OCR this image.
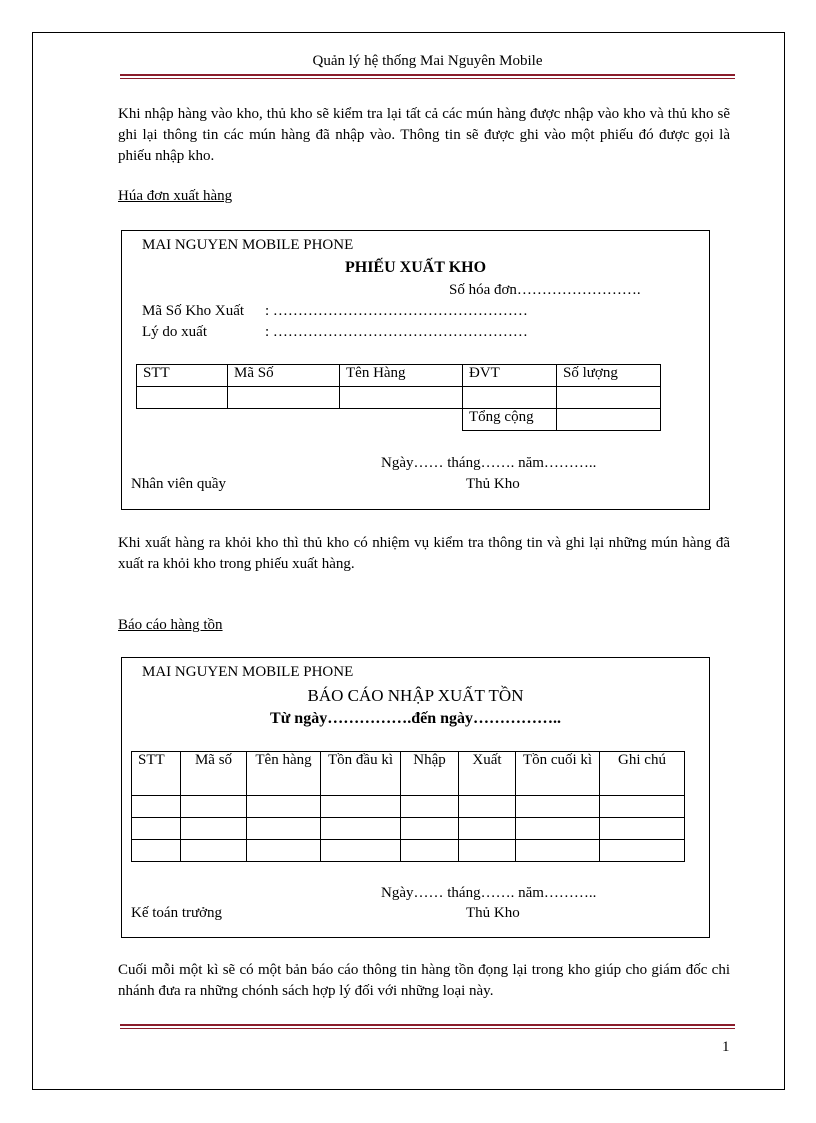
Quản lý hệ thống Mai Nguyên Mobile
Khi nhập hàng vào kho, thủ kho sẽ kiểm tra lại tất cả các mún hàng được nhập vào kho và thủ kho sẽ ghi lại thông tin các mún hàng đã nhập vào. Thông tin sẽ được ghi vào một phiếu đó được gọi là phiếu nhập kho.
Húa đơn xuất hàng
MAI NGUYEN MOBILE PHONE
PHIẾU XUẤT KHO
Số hóa đơn…………………….
Mã Số Kho Xuất : ……………………………………………
Lý do xuất	: ……………………………………………
STT	Mã Số	Tên Hàng	ĐVT	Số lượng

			Tổng cộng	
Ngày…… tháng……. năm………..
Nhân viên quầy	Thủ Kho
Khi xuất hàng ra khỏi kho thì thủ kho có nhiệm vụ kiểm tra thông tin và ghi lại những mún hàng đã xuất ra khỏi kho trong phiếu xuất hàng.
Báo cáo hàng tồn
MAI NGUYEN MOBILE PHONE
BÁO CÁO NHẬP XUẤT TỒN
Từ ngày…………….đến ngày……………..
STT	Mã số	Tên hàng	Tồn đầu kì	Nhập	Xuất	Tồn cuối kì	Ghi chú

Ngày…… tháng……. năm………..
Kế toán trưởng	Thủ Kho
Cuối mỗi một kì sẽ có một bản báo cáo thông tin hàng tồn đọng lại trong kho giúp cho giám đốc chi nhánh đưa ra những chónh sách hợp lý đối với những loại này.
1
